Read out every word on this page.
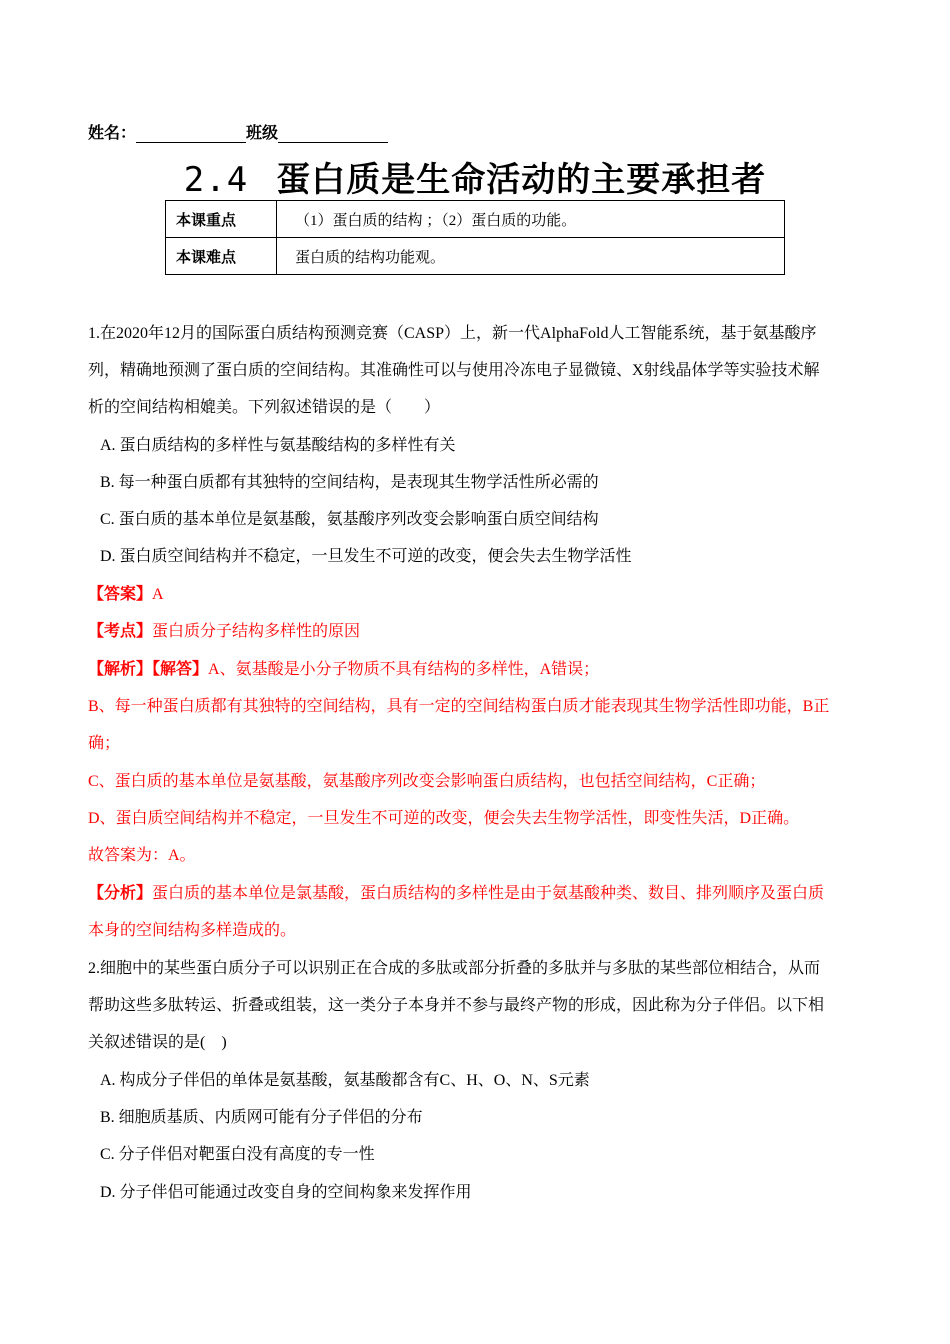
姓名：	班级
2.4 蛋白质是生命活动的主要承担者
本课重点	（1）蛋白质的结构 ；（2）蛋白质的功能。
本课难点	蛋白质的结构功能观。
1.在2020年12月的国际蛋白质结构预测竞赛（CASP）上，新一代AlphaFold人工智能系统，基于氨基酸序
列，精确地预测了蛋白质的空间结构。其准确性可以与使用冷冻电子显微镜、X射线晶体学等实验技术解
析的空间结构相媲美。下列叙述错误的是（　　）
A. 蛋白质结构的多样性与氨基酸结构的多样性有关
B. 每一种蛋白质都有其独特的空间结构，是表现其生物学活性所必需的
C. 蛋白质的基本单位是氨基酸，氨基酸序列改变会影响蛋白质空间结构
D. 蛋白质空间结构并不稳定，一旦发生不可逆的改变，便会失去生物学活性
【答案】A
【考点】蛋白质分子结构多样性的原因
【解析】【解答】A、氨基酸是小分子物质不具有结构的多样性，A错误；
B、每一种蛋白质都有其独特的空间结构，具有一定的空间结构蛋白质才能表现其生物学活性即功能，B正
确；
C、蛋白质的基本单位是氨基酸，氨基酸序列改变会影响蛋白质结构，也包括空间结构，C正确；
D、蛋白质空间结构并不稳定，一旦发生不可逆的改变，便会失去生物学活性，即变性失活，D正确。
故答案为：A。
【分析】蛋白质的基本单位是氯基酸，蛋白质结构的多样性是由于氨基酸种类、数目、排列顺序及蛋白质
本身的空间结构多样造成的。
2.细胞中的某些蛋白质分子可以识别正在合成的多肽或部分折叠的多肽并与多肽的某些部位相结合，从而
帮助这些多肽转运、折叠或组装，这一类分子本身并不参与最终产物的形成，因此称为分子伴侣。以下相
关叙述错误的是(　)
A. 构成分子伴侣的单体是氨基酸，氨基酸都含有C、H、O、N、S元素
B. 细胞质基质、内质网可能有分子伴侣的分布
C. 分子伴侣对靶蛋白没有高度的专一性
D. 分子伴侣可能通过改变自身的空间构象来发挥作用
